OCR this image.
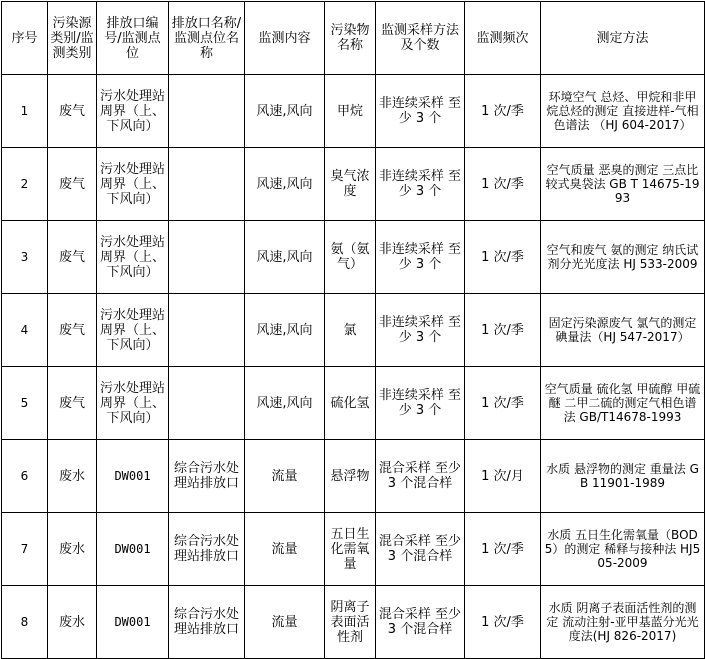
序号	污染源类别/监测类别	排放口编号/监测点位	排放口名称/监测点位名称	监测内容	污染物名称	监测采样方法及个数	监测频次	测定方法
1	废气	污水处理站周界（上、下风向）		风速,风向	甲烷	非连续采样 至少 3 个	1 次/季	环境空气 总烃、甲烷和非甲烷总烃的测定 直接进样-气相色谱法 （HJ 604-2017）
2	废气	污水处理站周界（上、下风向）		风速,风向	臭气浓度	非连续采样 至少 3 个	1 次/季	空气质量 恶臭的测定 三点比较式臭袋法 GB T 14675-1993
3	废气	污水处理站周界（上、下风向）		风速,风向	氨（氨气）	非连续采样 至少 3 个	1 次/季	空气和废气 氨的测定 纳氏试剂分光光度法 HJ 533-2009
4	废气	污水处理站周界（上、下风向）		风速,风向	氯	非连续采样 至少 3 个	1 次/季	固定污染源废气 氯气的测定 碘量法（HJ 547-2017）
5	废气	污水处理站周界（上、下风向）		风速,风向	硫化氢	非连续采样 至少 3 个	1 次/季	空气质量 硫化氢 甲硫醇 甲硫醚 二甲二硫的测定气相色谱法 GB/T14678-1993
6	废水	DW001	综合污水处理站排放口	流量	悬浮物	混合采样 至少 3 个混合样	1 次/月	水质 悬浮物的测定 重量法 GB 11901-1989
7	废水	DW001	综合污水处理站排放口	流量	五日生化需氧量	混合采样 至少 3 个混合样	1 次/季	水质 五日生化需氧量（BOD5）的测定 稀释与接种法 HJ505-2009
8	废水	DW001	综合污水处理站排放口	流量	阴离子表面活性剂	混合采样 至少 3 个混合样	1 次/季	水质 阴离子表面活性剂的测定 流动注射-亚甲基蓝分光光度法(HJ 826-2017)
